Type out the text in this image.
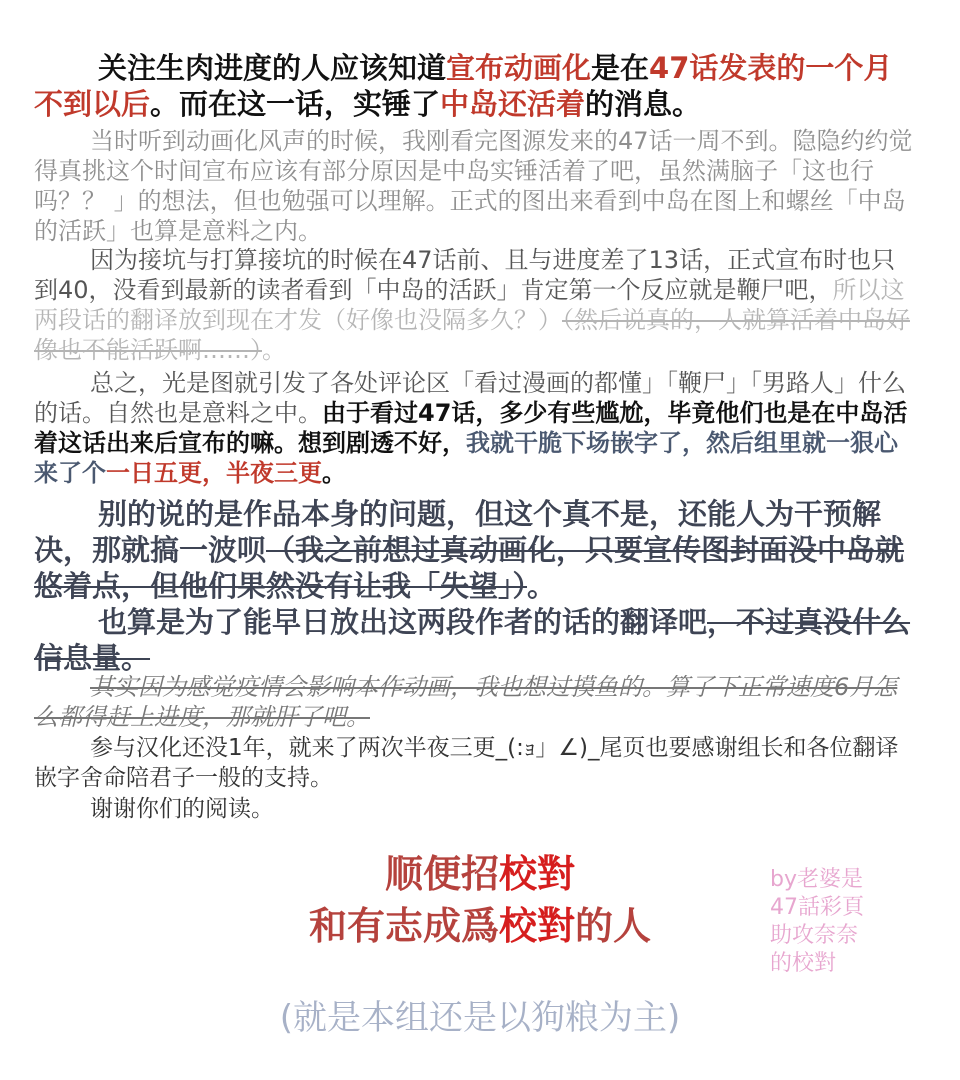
关注生肉进度的人应该知道宣布动画化是在47话发表的一个月不到以后。而在这一话，实锤了中岛还活着的消息。
当时听到动画化风声的时候，我刚看完图源发来的47话一周不到。隐隐约约觉得真挑这个时间宣布应该有部分原因是中岛实锤活着了吧，虽然满脑子「这也行吗？？ 」的想法，但也勉强可以理解。正式的图出来看到中岛在图上和螺丝「中岛的活跃」也算是意料之内。
因为接坑与打算接坑的时候在47话前、且与进度差了13话，正式宣布时也只到40，没看到最新的读者看到「中岛的活跃」肯定第一个反应就是鞭尸吧，所以这两段话的翻译放到现在才发（好像也没隔多久？）（然后说真的，人就算活着中岛好像也不能活跃啊……）。
总之，光是图就引发了各处评论区「看过漫画的都懂」「鞭尸」「男路人」什么的话。自然也是意料之中。由于看过47话，多少有些尴尬，毕竟他们也是在中岛活着这话出来后宣布的嘛。想到剧透不好，我就干脆下场嵌字了，然后组里就一狠心来了个一日五更，半夜三更。
别的说的是作品本身的问题，但这个真不是，还能人为干预解决，那就搞一波呗（我之前想过真动画化，只要宣传图封面没中岛就悠着点，但他们果然没有让我「失望」）。
也算是为了能早日放出这两段作者的话的翻译吧，不过真没什么信息量。
其实因为感觉疫情会影响本作动画，我也想过摸鱼的。算了下正常速度6月怎么都得赶上进度，那就肝了吧。
参与汉化还没1年，就来了两次半夜三更_(:ｮ」∠)_尾页也要感谢组长和各位翻译嵌字舍命陪君子一般的支持。
谢谢你们的阅读。
顺便招校對
和有志成爲校對的人
by老婆是
47話彩頁
助攻奈奈
的校對
(就是本组还是以狗粮为主)
